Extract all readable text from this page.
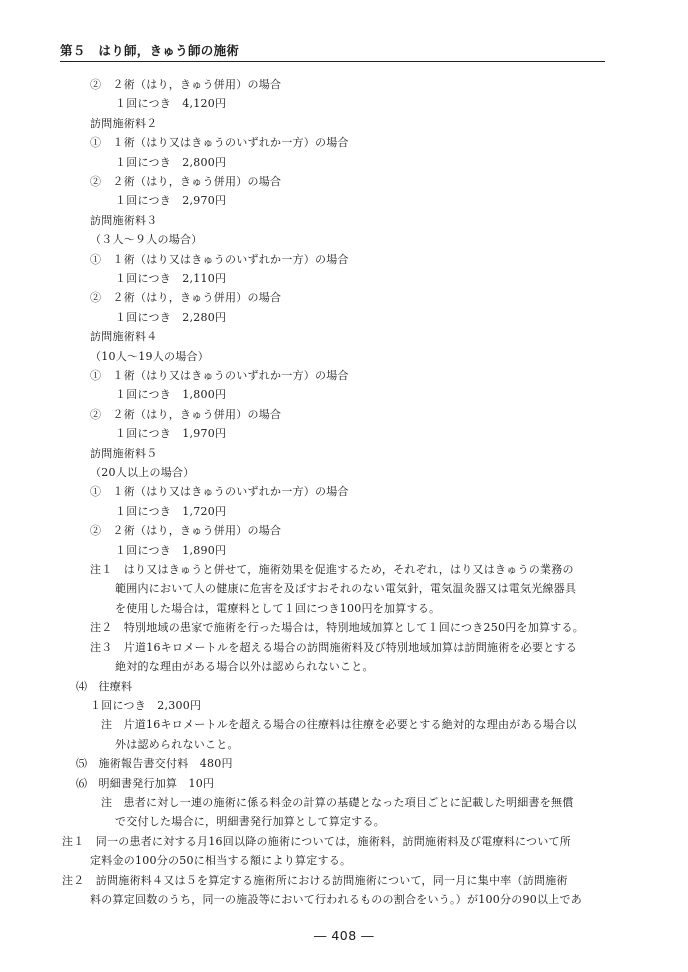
第５　はり師，きゅう師の施術
②　２術（はり，きゅう併用）の場合
１回につき　4,120円
訪問施術料２
①　１術（はり又はきゅうのいずれか一方）の場合
１回につき　2,800円
②　２術（はり，きゅう併用）の場合
１回につき　2,970円
訪問施術料３
（３人～９人の場合）
①　１術（はり又はきゅうのいずれか一方）の場合
１回につき　2,110円
②　２術（はり，きゅう併用）の場合
１回につき　2,280円
訪問施術料４
（10人～19人の場合）
①　１術（はり又はきゅうのいずれか一方）の場合
１回につき　1,800円
②　２術（はり，きゅう併用）の場合
１回につき　1,970円
訪問施術料５
（20人以上の場合）
①　１術（はり又はきゅうのいずれか一方）の場合
１回につき　1,720円
②　２術（はり，きゅう併用）の場合
１回につき　1,890円
注１　はり又はきゅうと併せて，施術効果を促進するため，それぞれ，はり又はきゅうの業務の
範囲内において人の健康に危害を及ぼすおそれのない電気針，電気温灸器又は電気光線器具
を使用した場合は，電療料として１回につき100円を加算する。
注２　特別地域の患家で施術を行った場合は，特別地域加算として１回につき250円を加算する。
注３　片道16キロメートルを超える場合の訪問施術料及び特別地域加算は訪問施術を必要とする
絶対的な理由がある場合以外は認められないこと。
⑷　往療料
１回につき　2,300円
注　片道16キロメートルを超える場合の往療料は往療を必要とする絶対的な理由がある場合以
外は認められないこと。
⑸　施術報告書交付料　480円
⑹　明細書発行加算　10円
注　患者に対し一連の施術に係る料金の計算の基礎となった項目ごとに記載した明細書を無償
で交付した場合に，明細書発行加算として算定する。
注１　同一の患者に対する月16回以降の施術については，施術料，訪問施術料及び電療料について所
定料金の100分の50に相当する額により算定する。
注２　訪問施術料４又は５を算定する施術所における訪問施術について，同一月に集中率（訪問施術
料の算定回数のうち，同一の施設等において行われるものの割合をいう。）が100分の90以上であ
― 408 ―
